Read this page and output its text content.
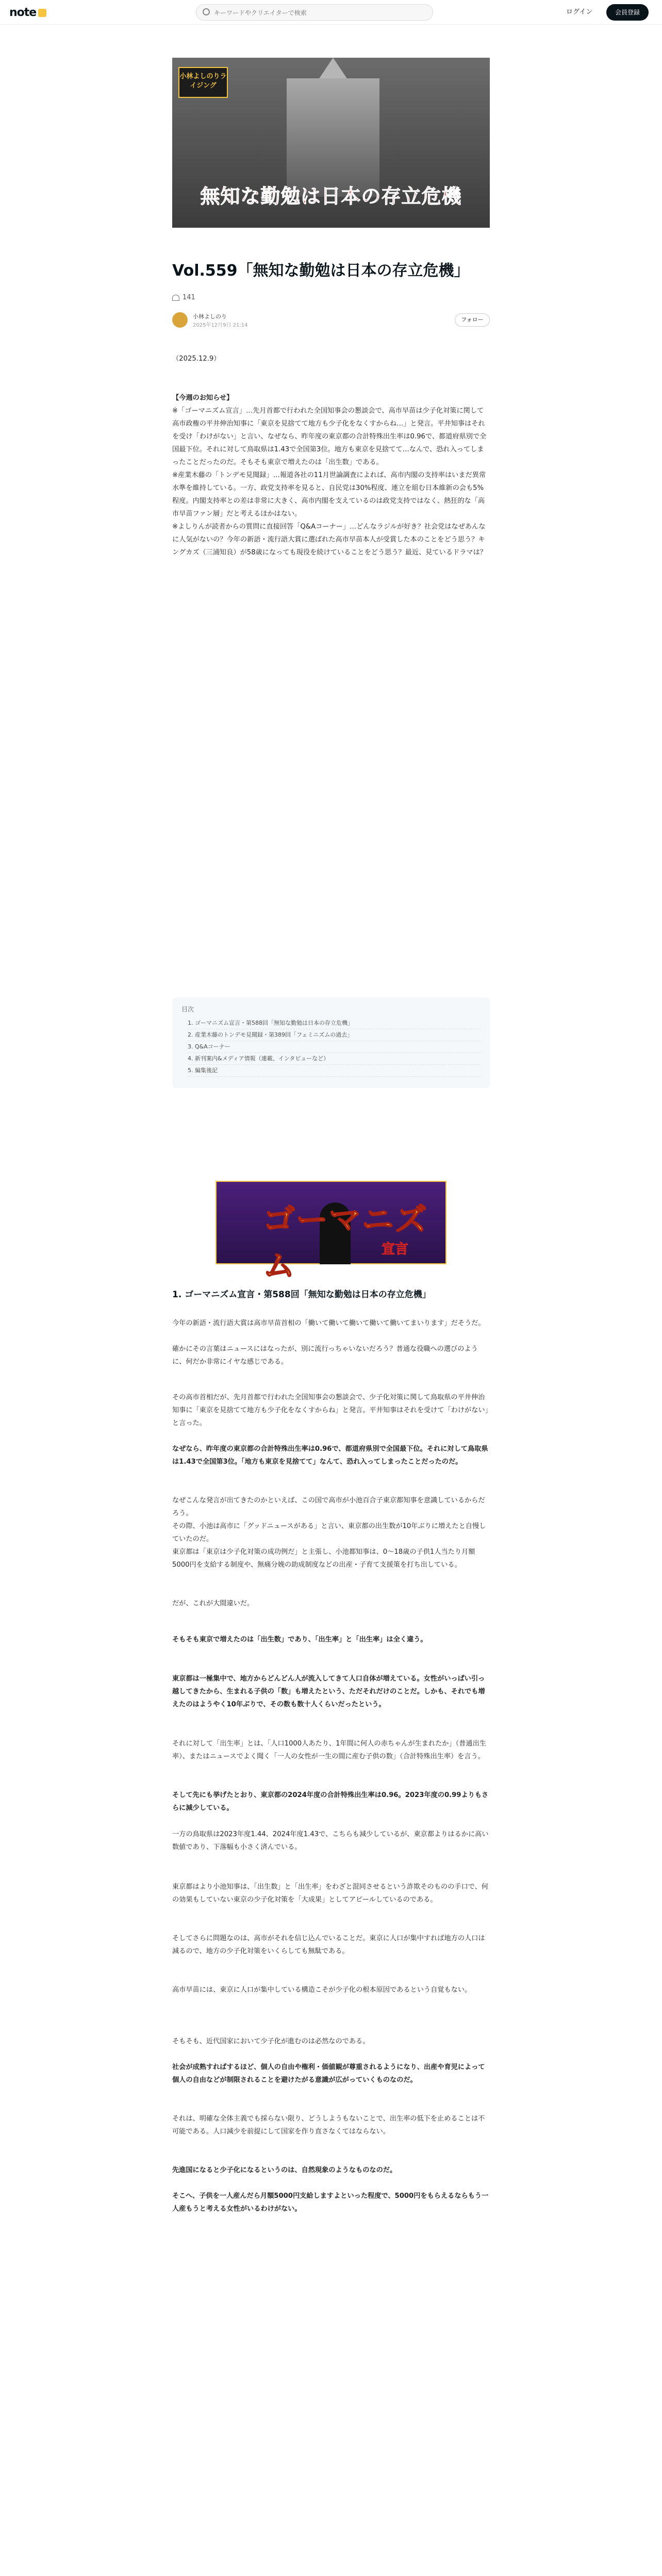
note
キーワードやクリエイターで検索	ログイン	会員登録
小林よしのりライジング
無知な勤勉は日本の存立危機
Vol.559「無知な勤勉は日本の存立危機」
141
小林よしのり
2025年12月9日 21:14
フォロー
（2025.12.9）
【今週のお知らせ】

※「ゴーマニズム宣言」…先月首都で行われた全国知事会の懇談会で、高市早苗は少子化対策に関して高市政権の平井伸治知事に「東京を見捨てて地方も少子化をなくすからね…」と発言。平井知事はそれを受け「わけがない」と言い、なぜなら、昨年度の東京都の合計特殊出生率は0.96で、都道府県別で全国最下位。それに対して鳥取県は1.43で全国第3位。地方も東京を見捨てて…なんで、恐れ入ってしまったことだったのだ。そもそも東京で増えたのは「出生数」である。

※産業木藤の「トンデモ見聞録」…報道各社の11月世論調査によれば、高市内閣の支持率はいまだ異常水準を維持している。一方、政党支持率を見ると、自民党は30%程度、連立を組む日本維新の会も5%程度。内閣支持率との差は非常に大きく、高市内閣を支えているのは政党支持ではなく、熱狂的な「高市早苗ファン層」だと考えるほかはない。

※よしりんが読者からの質問に直接回答「Q&Aコーナー」…どんなラジルが好き？社会党はなぜあんなに人気がないの？今年の新語・流行語大賞に選ばれた高市早苗本人が受賞した本のことをどう思う？キングカズ（三浦知良）が58歳になっても現役を続けていることをどう思う？最近、見ているドラマは？

目次
1. ゴーマニズム宣言・第588回「無知な勤勉は日本の存立危機」
2. 産業木藤のトンデモ見聞録・第389回「フェミニズムの過去」
3. Q&Aコーナー
4. 新刊案内&メディア情報（連載、インタビューなど）
5. 編集後記
ゴーマニズム	宣言
1. ゴーマニズム宣言・第588回「無知な勤勉は日本の存立危機」
今年の新語・流行語大賞は高市早苗首相の「働いて働いて働いて働いて働いてまいります」だそうだ。
確かにその言葉はニュースにはなったが、別に流行っちゃいないだろう？普通な役職への選びのように、何だか非常にイヤな感じである。
その高市首相だが、先月首都で行われた全国知事会の懇談会で、少子化対策に関して鳥取県の平井伸治知事に「東京を見捨てて地方も少子化をなくすからね」と発言。平井知事はそれを受けて「わけがない」と言った。
なぜなら、昨年度の東京都の合計特殊出生率は0.96で、都道府県別で全国最下位。それに対して鳥取県は1.43で全国第3位。「地方も東京を見捨てて」なんて、恐れ入ってしまったことだったのだ。
なぜこんな発言が出てきたのかといえば、この国で高市が小池百合子東京都知事を意識しているからだろう。
その際、小池は高市に「グッドニュースがある」と言い、東京都の出生数が10年ぶりに増えたと自慢していたのだ。
東京都は「東京は少子化対策の成功例だ」と主張し、小池都知事は、0〜18歳の子供1人当たり月額5000円を支給する制度や、無痛分娩の助成制度などの出産・子育て支援策を打ち出している。
だが、これが大間違いだ。
そもそも東京で増えたのは「出生数」であり、「出生率」と「出生率」は全く違う。
東京都は一極集中で、地方からどんどん人が流入してきて人口自体が増えている。女性がいっぱい引っ越してきたから、生まれる子供の「数」も増えたという、ただそれだけのことだ。しかも、それでも増えたのはようやく10年ぶりで、その数も数十人くらいだったという。
それに対して「出生率」とは、「人口1000人あたり、1年間に何人の赤ちゃんが生まれたか」（普通出生率）、またはニュースでよく聞く「一人の女性が一生の間に産む子供の数」（合計特殊出生率）を言う。
そして先にも挙げたとおり、東京都の2024年度の合計特殊出生率は0.96。2023年度の0.99よりもさらに減少している。
一方の鳥取県は2023年度1.44、2024年度1.43で、こちらも減少しているが、東京都よりはるかに高い数値であり、下落幅も小さく済んでいる。
東京都はより小池知事は、「出生数」と「出生率」をわざと混同させるという詐欺そのものの手口で、何の効果もしていない東京の少子化対策を「大成果」としてアピールしているのである。
そしてさらに問題なのは、高市がそれを信じ込んでいることだ。東京に人口が集中すれば地方の人口は減るので、地方の少子化対策をいくらしても無駄である。
高市早苗には、東京に人口が集中している構造こそが少子化の根本原因であるという自覚もない。
そもそも、近代国家において少子化が進むのは必然なのである。
社会が成熟すればするほど、個人の自由や権利・価値観が尊重されるようになり、出産や育児によって個人の自由などが制限されることを避けたがる意識が広がっていくものなのだ。
それは、明確な全体主義でも採らない限り、どうしようもないことで、出生率の低下を止めることは不可能である。人口減少を前提にして国家を作り直さなくてはならない。
先進国になると少子化になるというのは、自然現象のようなものなのだ。
そこへ、子供を一人産んだら月額5000円支給しますよといった程度で、5000円をもらえるならもう一人産もうと考える女性がいるわけがない。
